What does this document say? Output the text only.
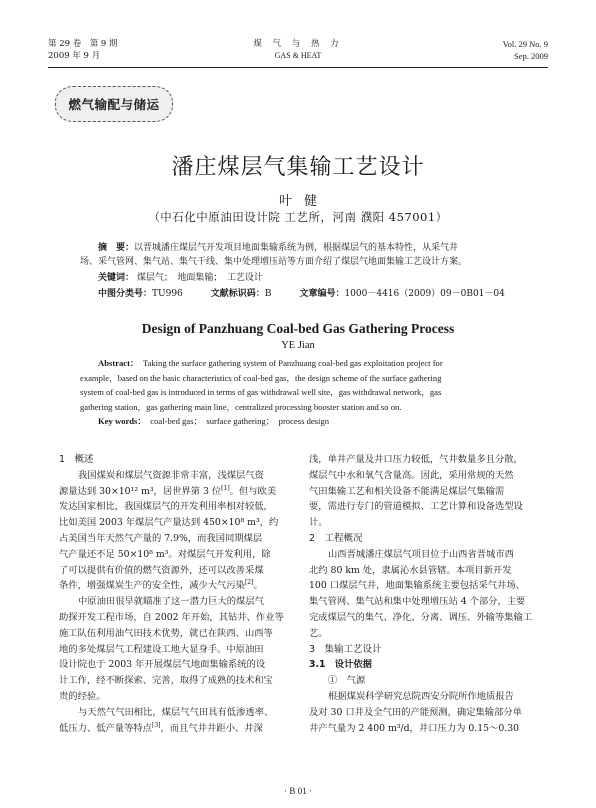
第 29 卷　第 9 期
2009 年 9 月
煤 气 与 热 力
GAS & HEAT
Vol. 29 No. 9
Sep. 2009
燃气输配与储运
潘庄煤层气集输工艺设计
叶健
（中石化中原油田设计院 工艺所，河南 濮阳 457001）
摘　要：以晋城潘庄煤层气开发项目地面集输系统为例，根据煤层气的基本特性，从采气井
场、采气管网、集气站、集气干线、集中处理增压站等方面介绍了煤层气地面集输工艺设计方案。
关键词： 煤层气；　地面集输；　工艺设计
中图分类号：TU996	文献标识码：B	文章编号：1000－4416（2009）09－0B01－04
Design of Panzhuang Coal-bed Gas Gathering Process
YE Jian
Abstract：  Taking the surface gathering system of Panzhuang coal-bed gas exploitation project for
example，based on the basic characteristics of coal-bed gas，the design scheme of the surface gathering
system of coal-bed gas is introduced in terms of gas withdrawal well site，gas withdrawal network，gas
gathering station，gas gathering main line，centralized processing booster station and so on.
Key words：  coal-bed gas；　surface gathering；　process design

1　概述

我国煤炭和煤层气资源非常丰富，浅煤层气资

源量达到 30×10¹² m³，居世界第 3 位[1]。但与欧美

发达国家相比，我国煤层气的开发利用率相对较低，

比如美国 2003 年煤层气产量达到 450×10⁸ m³，约

占美国当年天然气产量的 7.9%，而我国同期煤层

气产量还不足 50×10⁸ m³。对煤层气开发利用，除

了可以提供有价值的燃气资源外，还可以改善采煤

条件，增强煤炭生产的安全性，减少大气污染[2]。

中原油田很早就瞄准了这一潜力巨大的煤层气

助探开发工程市场，自 2002 年开始，其钻井、作业等

施工队伍利用油气田技术优势，就已在陕西、山西等

地的多处煤层气工程建设工地大显身手。中原油田

设计院也于 2003 年开展煤层气地面集输系统的设

计工作，经不断探索、完善，取得了成熟的技术和宝

贵的经验。

与天然气气田相比，煤层气气田具有低渗透率、

低压力、低产量等特点[3]，而且气井井距小、井深

浅，单井产量及井口压力较低，气井数量多且分散，

煤层气中水和氧气含量高。因此，采用常规的天然

气田集输工艺和相关设备不能满足煤层气集输需

要，需进行专门的管道模拟、工艺计算和设备选型设

计。

2　工程概况

山西晋城潘庄煤层气项目位于山西省晋城市西

北约 80 km 处，隶属沁水县管辖。本项目新开发

100 口煤层气井，地面集输系统主要包括采气井场、

集气管网、集气站和集中处理增压站 4 个部分，主要

完成煤层气的集气、净化、分离、调压、外输等集输工

艺。

3　集输工艺设计

3.1　设计依据

①　气源

根据煤炭科学研究总院西安分院所作地质报告

及对 30 口井及全气田的产能预测，确定集输部分单

井产气量为 2 400 m³/d，井口压力为 0.15～0.30

· B 01 ·
